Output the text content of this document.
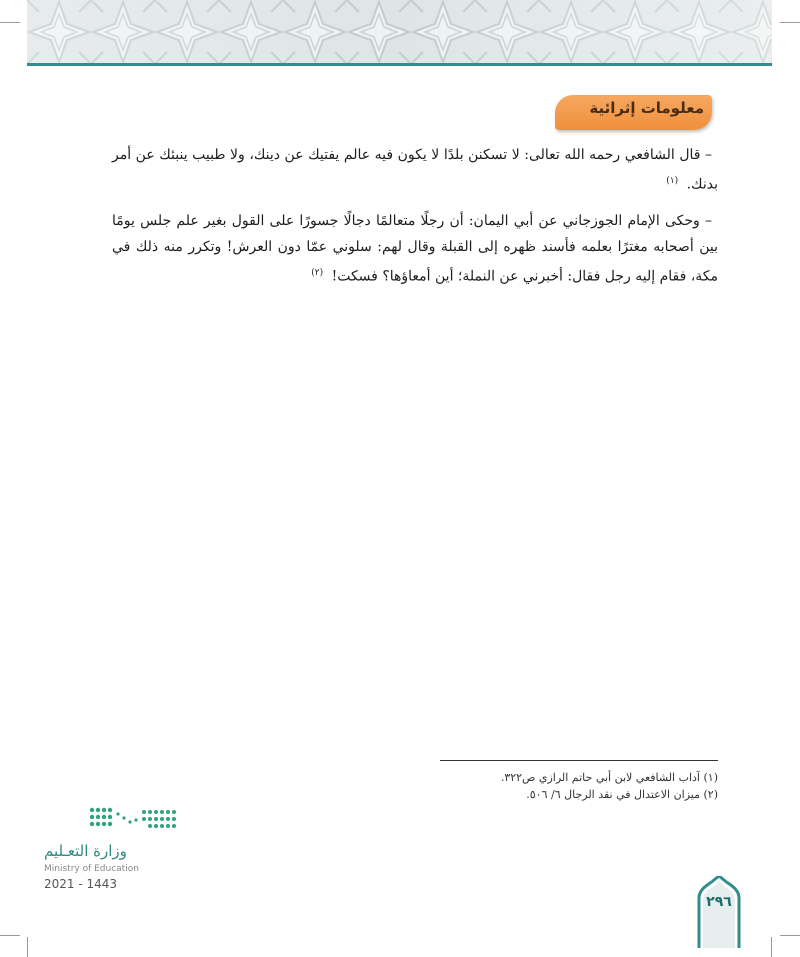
معلومات إثرائية

– قال الشافعي رحمه الله تعالى: لا تسكنن بلدًا لا يكون فيه عالم يفتيك عن دينك، ولا طبيب ينبئك عن أمر بدنك. $^{(١)}$

– وحكى الإمام الجوزجاني عن أبي اليمان: أن رجلًا متعالمًا دجالًا جسورًا على القول بغير علم جلس يومًا بين أصحابه مغترًا بعلمه فأسند ظهره إلى القبلة وقال لهم: سلوني عمّا دون العرش! وتكرر منه ذلك في مكة، فقام إليه رجل فقال: أخبرني عن النملة؛ أين أمعاؤها؟ فسكت! $^{(٢)}$

(١) آداب الشافعي لابن أبي حاتم الرازي ص٣٢٢.
(٢) ميزان الاعتدال في نقد الرجال ٦/ ٥٠٦.
وزارة التعـليم
Ministry of Education
2021 - 1443
٢٩٦
